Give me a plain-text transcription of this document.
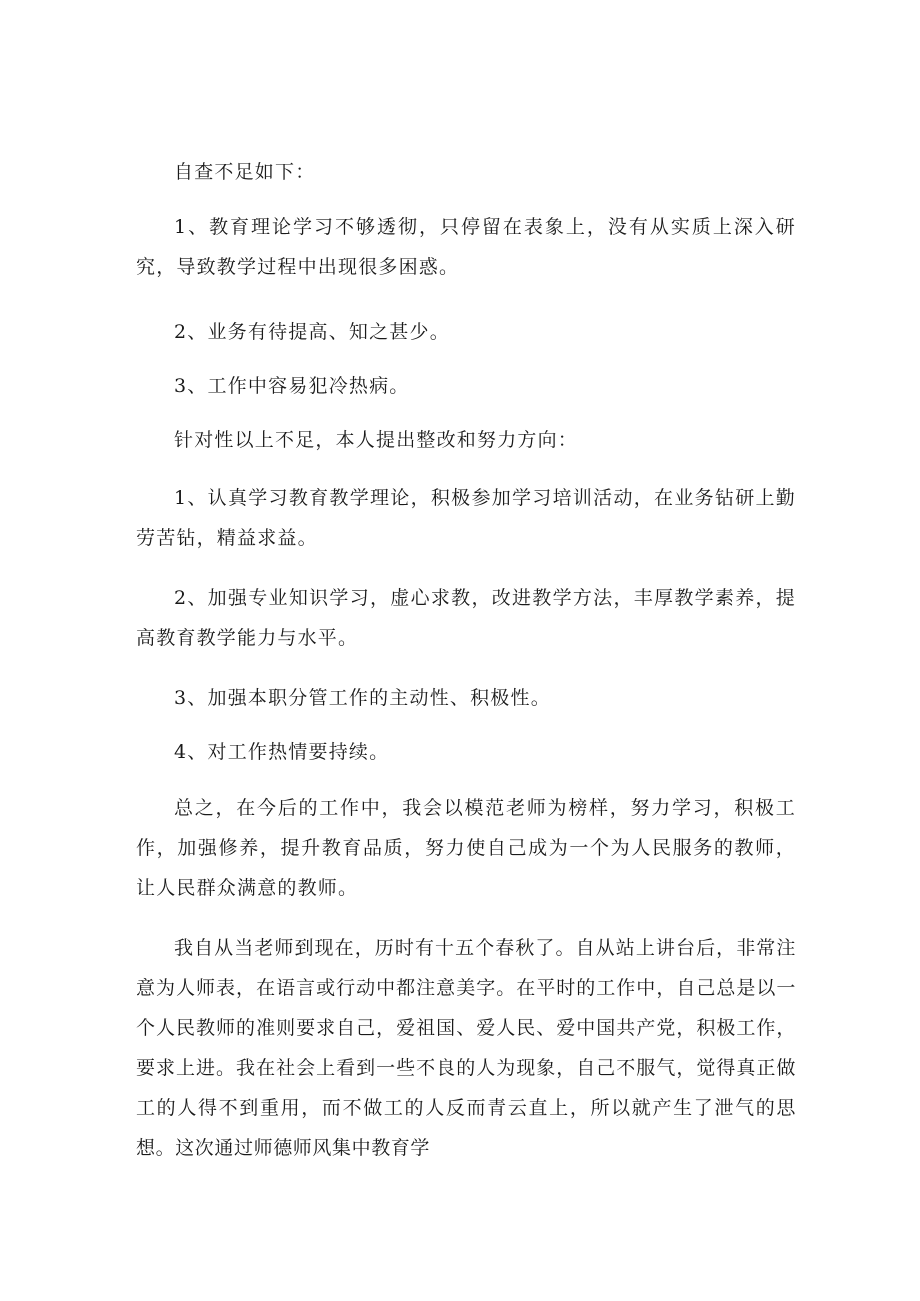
自查不足如下：

1、教育理论学习不够透彻，只停留在表象上，没有从实质上深入研究，导致教学过程中出现很多困惑。

2、业务有待提高、知之甚少。

3、工作中容易犯冷热病。

针对性以上不足，本人提出整改和努力方向：

1、认真学习教育教学理论，积极参加学习培训活动，在业务钻研上勤劳苦钻，精益求益。

2、加强专业知识学习，虚心求教，改进教学方法，丰厚教学素养，提高教育教学能力与水平。

3、加强本职分管工作的主动性、积极性。

4、对工作热情要持续。

总之，在今后的工作中，我会以模范老师为榜样，努力学习，积极工作，加强修养，提升教育品质，努力使自己成为一个为人民服务的教师，让人民群众满意的教师。

我自从当老师到现在，历时有十五个春秋了。自从站上讲台后，非常注意为人师表，在语言或行动中都注意美字。在平时的工作中，自己总是以一个人民教师的准则要求自己，爱祖国、爱人民、爱中国共产党，积极工作，要求上进。我在社会上看到一些不良的人为现象，自己不服气，觉得真正做工的人得不到重用，而不做工的人反而青云直上，所以就产生了泄气的思想。这次通过师德师风集中教育学
